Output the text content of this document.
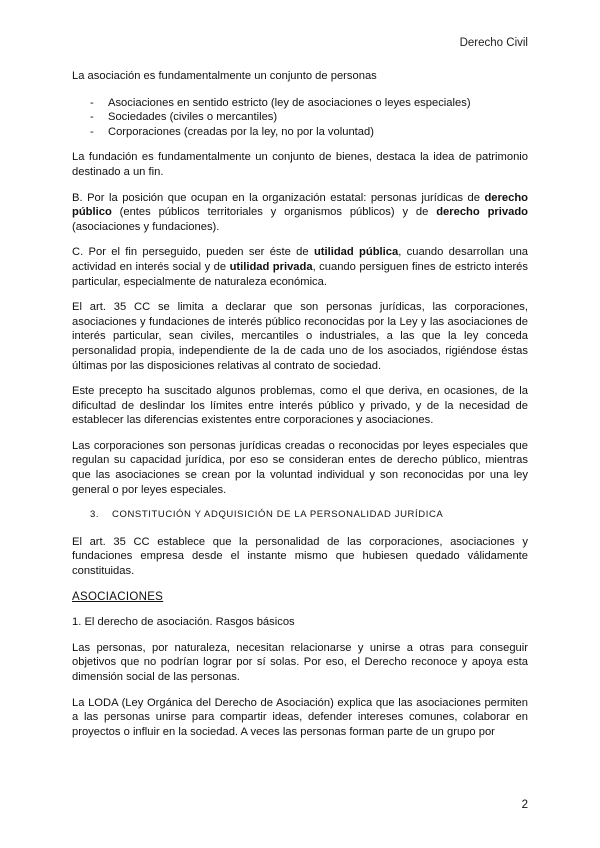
Derecho Civil

La asociación es fundamentalmente un conjunto de personas

- Asociaciones en sentido estricto (ley de asociaciones o leyes especiales)
- Sociedades (civiles o mercantiles)
- Corporaciones (creadas por la ley, no por la voluntad)

La fundación es fundamentalmente un conjunto de bienes, destaca la idea de patrimonio destinado a un fin.

B. Por la posición que ocupan en la organización estatal: personas jurídicas de derecho público (entes públicos territoriales y organismos públicos) y de derecho privado (asociaciones y fundaciones).

C. Por el fin perseguido, pueden ser éste de utilidad pública, cuando desarrollan una actividad en interés social y de utilidad privada, cuando persiguen fines de estricto interés particular, especialmente de naturaleza económica.

El art. 35 CC se limita a declarar que son personas jurídicas, las corporaciones, asociaciones y fundaciones de interés público reconocidas por la Ley y las asociaciones de interés particular, sean civiles, mercantiles o industriales, a las que la ley conceda personalidad propia, independiente de la de cada uno de los asociados, rigiéndose éstas últimas por las disposiciones relativas al contrato de sociedad.

Este precepto ha suscitado algunos problemas, como el que deriva, en ocasiones, de la dificultad de deslindar los límites entre interés público y privado, y de la necesidad de establecer las diferencias existentes entre corporaciones y asociaciones.

Las corporaciones son personas jurídicas creadas o reconocidas por leyes especiales que regulan su capacidad jurídica, por eso se consideran entes de derecho público, mientras que las asociaciones se crean por la voluntad individual y son reconocidas por una ley general o por leyes especiales.

3. CONSTITUCIÓN Y ADQUISICIÓN DE LA PERSONALIDAD JURÍDICA

El art. 35 CC establece que la personalidad de las corporaciones, asociaciones y fundaciones empresa desde el instante mismo que hubiesen quedado válidamente constituidas.

ASOCIACIONES
1. El derecho de asociación. Rasgos básicos

Las personas, por naturaleza, necesitan relacionarse y unirse a otras para conseguir objetivos que no podrían lograr por sí solas. Por eso, el Derecho reconoce y apoya esta dimensión social de las personas.

La LODA (Ley Orgánica del Derecho de Asociación) explica que las asociaciones permiten a las personas unirse para compartir ideas, defender intereses comunes, colaborar en proyectos o influir en la sociedad. A veces las personas forman parte de un grupo por

2
